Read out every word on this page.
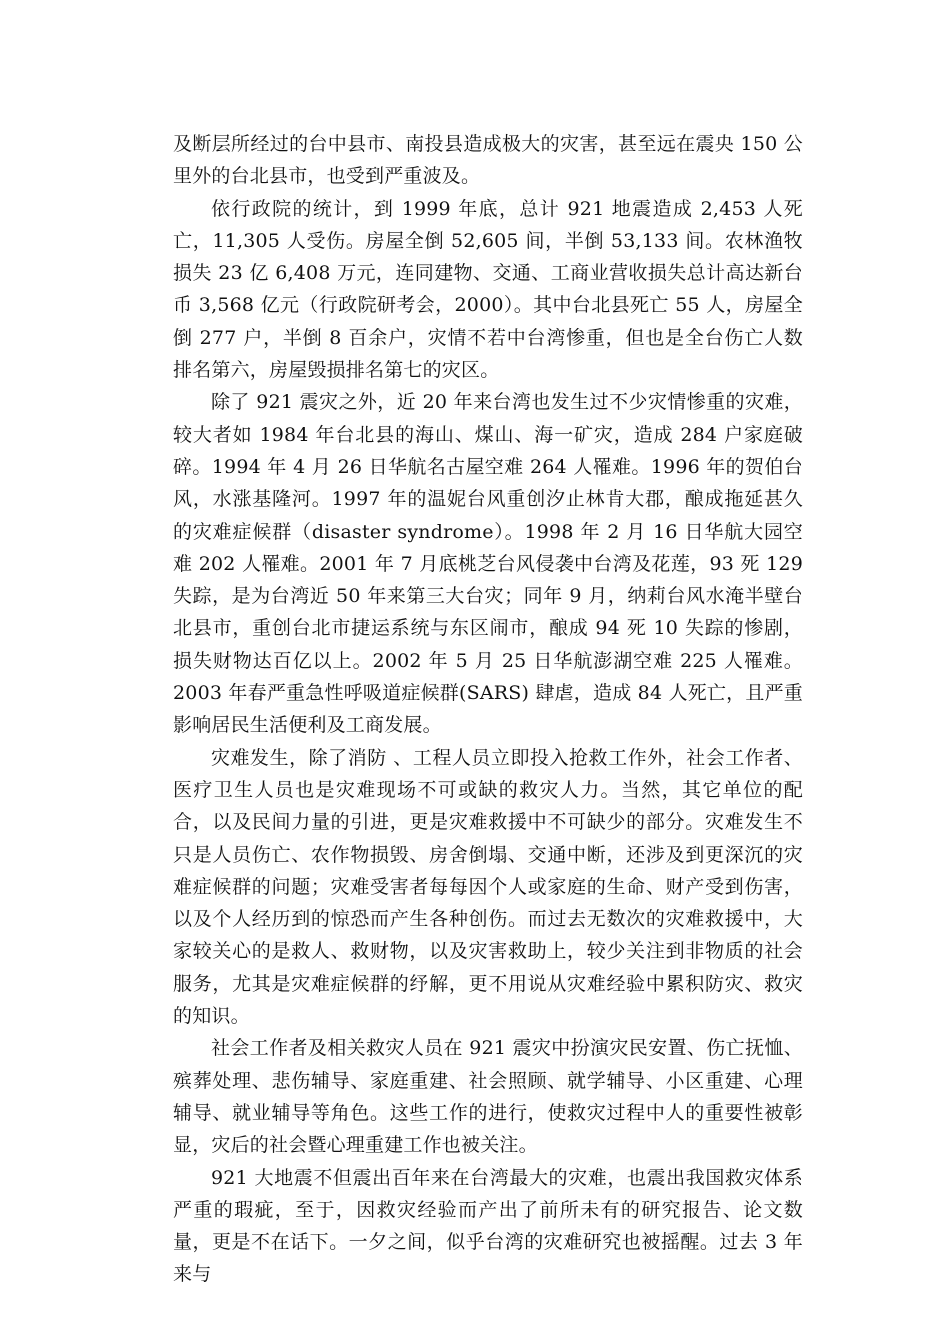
及断层所经过的台中县市、南投县造成极大的灾害，甚至远在震央 150 公里外的台北县市，也受到严重波及。

依行政院的统计，到 1999 年底，总计 921 地震造成 2,453 人死亡，11,305 人受伤。房屋全倒 52,605 间，半倒 53,133 间。农林渔牧损失 23 亿 6,408 万元，连同建物、交通、工商业营收损失总计高达新台币 3,568 亿元（行政院研考会，2000）。其中台北县死亡 55 人，房屋全倒 277 户，半倒 8 百余户，灾情不若中台湾惨重，但也是全台伤亡人数排名第六，房屋毁损排名第七的灾区。

除了 921 震灾之外，近 20 年来台湾也发生过不少灾情惨重的灾难，较大者如 1984 年台北县的海山、煤山、海一矿灾，造成 284 户家庭破碎。1994 年 4 月 26 日华航名古屋空难 264 人罹难。1996 年的贺伯台风，水涨基隆河。1997 年的温妮台风重创汐止林肯大郡，酿成拖延甚久的灾难症候群（disaster syndrome）。1998 年 2 月 16 日华航大园空难 202 人罹难。2001 年 7 月底桃芝台风侵袭中台湾及花莲，93 死 129 失踪，是为台湾近 50 年来第三大台灾；同年 9 月，纳莉台风水淹半壁台北县市，重创台北市捷运系统与东区闹市，酿成 94 死 10 失踪的惨剧，损失财物达百亿以上。2002 年 5 月 25 日华航澎湖空难 225 人罹难。2003 年春严重急性呼吸道症候群(SARS) 肆虐，造成 84 人死亡，且严重影响居民生活便利及工商发展。

灾难发生，除了消防 、工程人员立即投入抢救工作外，社会工作者、医疗卫生人员也是灾难现场不可或缺的救灾人力。当然，其它单位的配合，以及民间力量的引进，更是灾难救援中不可缺少的部分。灾难发生不只是人员伤亡、农作物损毁、房舍倒塌、交通中断，还涉及到更深沉的灾难症候群的问题；灾难受害者每每因个人或家庭的生命、财产受到伤害，以及个人经历到的惊恐而产生各种创伤。而过去无数次的灾难救援中，大家较关心的是救人、救财物，以及灾害救助上，较少关注到非物质的社会服务，尤其是灾难症候群的纾解，更不用说从灾难经验中累积防灾、救灾的知识。

社会工作者及相关救灾人员在 921 震灾中扮演灾民安置、伤亡抚恤、殡葬处理、悲伤辅导、家庭重建、社会照顾、就学辅导、小区重建、心理辅导、就业辅导等角色。这些工作的进行，使救灾过程中人的重要性被彰显，灾后的社会暨心理重建工作也被关注。

921 大地震不但震出百年来在台湾最大的灾难，也震出我国救灾体系严重的瑕疵，至于，因救灾经验而产出了前所未有的研究报告、论文数量，更是不在话下。一夕之间，似乎台湾的灾难研究也被摇醒。过去 3 年来与
